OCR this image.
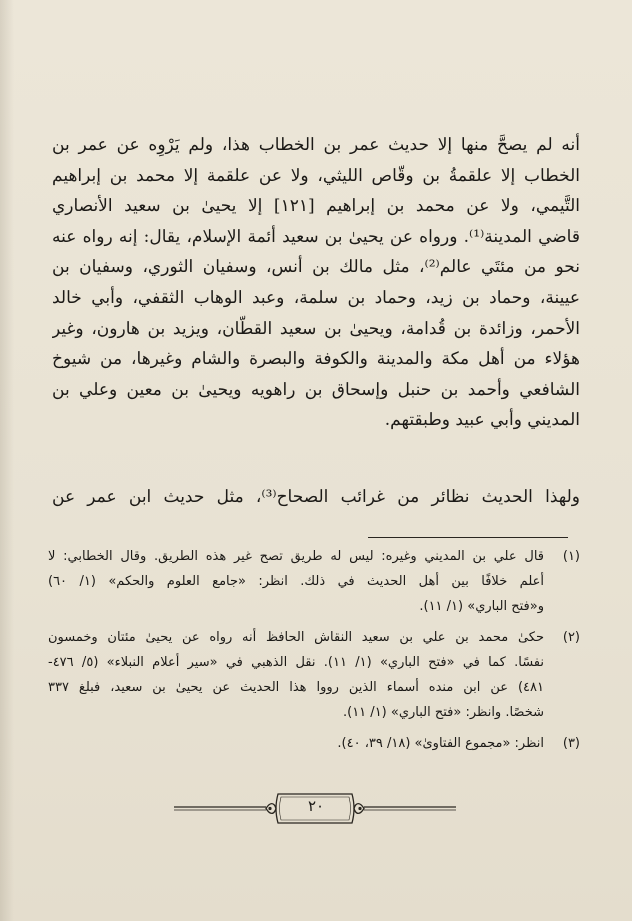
أنه لم يصحَّ منها إلا حديث عمر بن الخطاب هذا، ولم يَرْوِه عن عمر بن
الخطاب إلا علقمةُ بن وقّاص الليثي، ولا عن علقمة إلا محمد بن إبراهيم
التَّيمي، ولا عن محمد بن إبراهيم [١٢١] إلا يحيىٰ بن سعيد الأنصاري
قاضي المدينة⁽¹⁾. ورواه عن يحيىٰ بن سعيد أئمة الإسلام، يقال: إنه رواه عنه
نحو من مئتَي عالم⁽²⁾، مثل مالك بن أنس، وسفيان الثوري، وسفيان بن
عيينة، وحماد بن زيد، وحماد بن سلمة، وعبد الوهاب الثقفي، وأبي خالد
الأحمر، وزائدة بن قُدامة، ويحيىٰ بن سعيد القطّان، ويزيد بن هارون، وغير
هؤلاء من أهل مكة والمدينة والكوفة والبصرة والشام وغيرها، من شيوخ
الشافعي وأحمد بن حنبل وإسحاق بن راهويه ويحيىٰ بن معين وعلي بن
المديني وأبي عبيد وطبقتهم.
ولهذا الحديث نظائر من غرائب الصحاح⁽³⁾، مثل حديث ابن عمر عن
(١)
قال علي بن المديني وغيره: ليس له طريق تصح غير هذه الطريق. وقال الخطابي: لا
أعلم خلافًا بين أهل الحديث في ذلك. انظر: «جامع العلوم والحكم» (١/ ٦٠)
و«فتح الباري» (١/ ١١).
(٢)
حكىٰ محمد بن علي بن سعيد النقاش الحافظ أنه رواه عن يحيىٰ مئتان وخمسون
نفسًا. كما في «فتح الباري» (١/ ١١). نقل الذهبي في «سير أعلام النبلاء» (٥/ ٤٧٦-
٤٨١) عن ابن منده أسماء الذين رووا هذا الحديث عن يحيىٰ بن سعيد، فبلغ ٣٣٧
شخصًا. وانظر: «فتح الباري» (١/ ١١).
(٣)
انظر: «مجموع الفتاوىٰ» (١٨/ ٣٩، ٤٠).
٢٠
